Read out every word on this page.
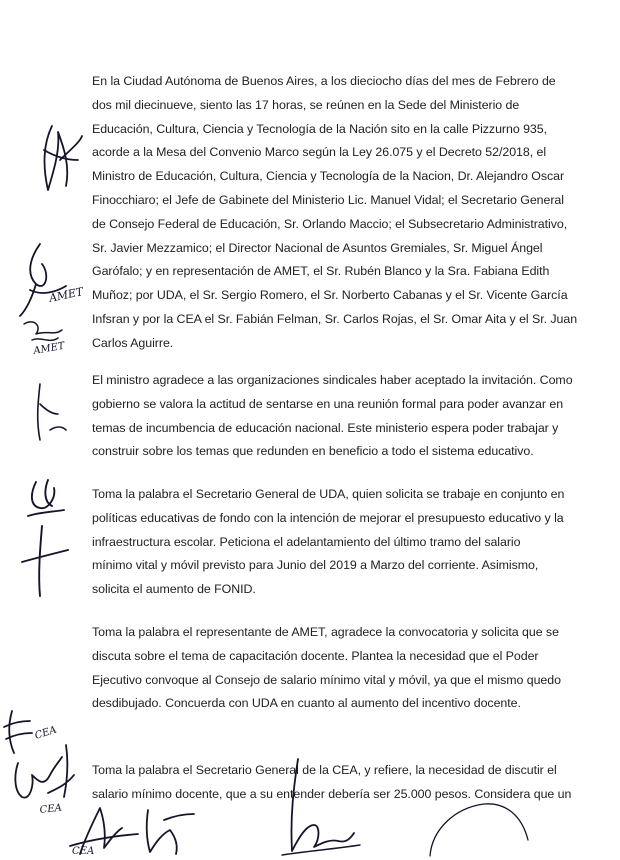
En la Ciudad Autónoma de Buenos Aires, a los dieciocho días del mes de Febrero de
dos mil diecinueve, siento las 17 horas, se reúnen en la Sede del Ministerio de
Educación, Cultura, Ciencia y Tecnología de la Nación sito en la calle Pizzurno 935,
acorde a la Mesa del Convenio Marco según la Ley 26.075 y el Decreto 52/2018, el
Ministro de Educación, Cultura, Ciencia y Tecnología de la Nacion, Dr. Alejandro Oscar
Finocchiaro; el Jefe de Gabinete del Ministerio Lic. Manuel Vidal; el Secretario General
de Consejo Federal de Educación, Sr. Orlando Maccio; el Subsecretario Administrativo,
Sr. Javier Mezzamico; el Director Nacional de Asuntos Gremiales, Sr. Miguel Ángel
Garófalo; y en representación de AMET, el Sr. Rubén Blanco y la Sra. Fabiana Edith
Muñoz; por UDA, el Sr. Sergio Romero, el Sr. Norberto Cabanas y el Sr. Vicente García
Infsran y por la CEA el Sr. Fabián Felman, Sr. Carlos Rojas, el Sr. Omar Aita y el Sr. Juan
Carlos Aguirre.
El ministro agradece a las organizaciones sindicales haber aceptado la invitación. Como
gobierno se valora la actitud de sentarse en una reunión formal para poder avanzar en
temas de incumbencia de educación nacional. Este ministerio espera poder trabajar y
construir sobre los temas que redunden en beneficio a todo el sistema educativo.
Toma la palabra el Secretario General de UDA, quien solicita se trabaje en conjunto en
políticas educativas de fondo con la intención de mejorar el presupuesto educativo y la
infraestructura escolar. Peticiona el adelantamiento del último tramo del salario
mínimo vital y móvil previsto para Junio del 2019 a Marzo del corriente. Asimismo,
solicita el aumento de FONID.
Toma la palabra el representante de AMET, agradece la convocatoria y solicita que se
discuta sobre el tema de capacitación docente. Plantea la necesidad que el Poder
Ejecutivo convoque al Consejo de salario mínimo vital y móvil, ya que el mismo quedo
desdibujado. Concuerda con UDA en cuanto al aumento del incentivo docente.
Toma la palabra el Secretario General de la CEA, y refiere, la necesidad de discutir el
salario mínimo docente, que a su entender debería ser 25.000 pesos. Considera que un
AMET
AMET
CEA
CEA
CEA
